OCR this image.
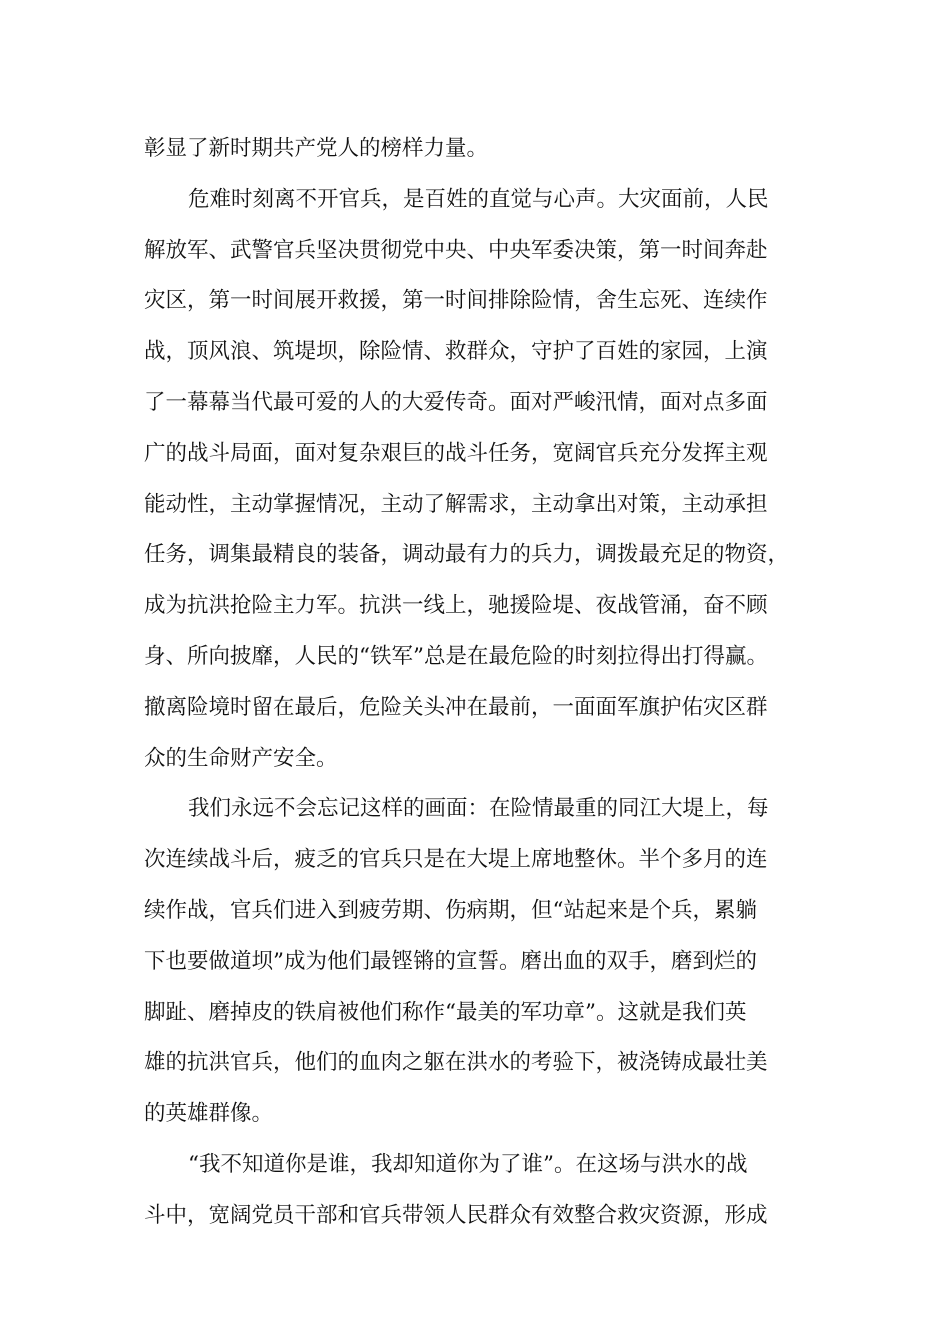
彰显了新时期共产党人的榜样力量。
危难时刻离不开官兵，是百姓的直觉与心声。大灾面前，人民
解放军、武警官兵坚决贯彻党中央、中央军委决策，第一时间奔赴
灾区，第一时间展开救援，第一时间排除险情，舍生忘死、连续作
战，顶风浪、筑堤坝，除险情、救群众，守护了百姓的家园，上演
了一幕幕当代最可爱的人的大爱传奇。面对严峻汛情，面对点多面
广的战斗局面，面对复杂艰巨的战斗任务，宽阔官兵充分发挥主观
能动性，主动掌握情况，主动了解需求，主动拿出对策，主动承担
任务，调集最精良的装备，调动最有力的兵力，调拨最充足的物资，
成为抗洪抢险主力军。抗洪一线上，驰援险堤、夜战管涌，奋不顾
身、所向披靡，人民的“铁军”总是在最危险的时刻拉得出打得赢。
撤离险境时留在最后，危险关头冲在最前，一面面军旗护佑灾区群
众的生命财产安全。
我们永远不会忘记这样的画面：在险情最重的同江大堤上，每
次连续战斗后，疲乏的官兵只是在大堤上席地整休。半个多月的连
续作战，官兵们进入到疲劳期、伤病期，但“站起来是个兵，累躺
下也要做道坝”成为他们最铿锵的宣誓。磨出血的双手，磨到烂的
脚趾、磨掉皮的铁肩被他们称作“最美的军功章”。这就是我们英
雄的抗洪官兵，他们的血肉之躯在洪水的考验下，被浇铸成最壮美
的英雄群像。
“我不知道你是谁，我却知道你为了谁”。在这场与洪水的战
斗中，宽阔党员干部和官兵带领人民群众有效整合救灾资源，形成
